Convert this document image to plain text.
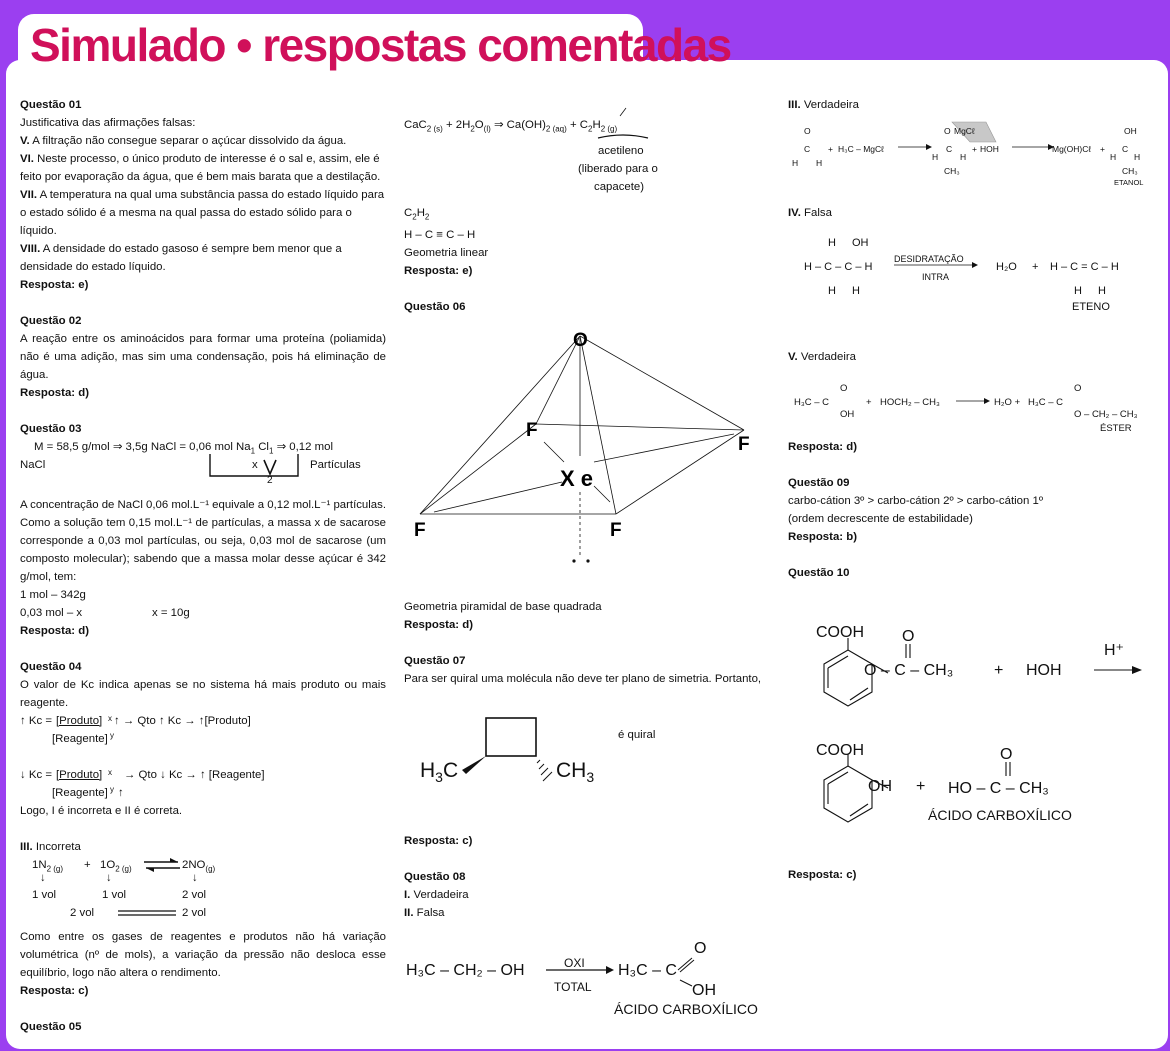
Simulado • respostas comentadas
Questão 01
Justificativa das afirmações falsas:
V. A filtração não consegue separar o açúcar dissolvido da água.
VI. Neste processo, o único produto de interesse é o sal e, assim, ele é feito por evaporação da água, que é bem mais barata que a destilação.
VII. A temperatura na qual uma substância passa do estado líquido para o estado sólido é a mesma na qual passa do estado sólido para o líquido.
VIII. A densidade do estado gasoso é sempre bem menor que a densidade do estado líquido.
Resposta: e)
Questão 02
A reação entre os aminoácidos para formar uma proteína (poliamida) não é uma adição, mas sim uma condensação, pois há eliminação de água.
Resposta: d)
Questão 03
M = 58,5 g/mol ⇒ 3,5g NaCl = 0,06 mol $Na_1$ $Cl_1$ ⇒ 0,12 mol
NaCl	x	Partículas
2
A concentração de NaCl 0,06 mol.L⁻¹ equivale a 0,12 mol.L⁻¹ partículas. Como a solução tem 0,15 mol.L⁻¹ de partículas, a massa x de sacarose corresponde a 0,03 mol partículas, ou seja, 0,03 mol de sacarose (um composto molecular); sabendo que a massa molar desse açúcar é 342 g/mol, tem:
1 mol – 342g
0,03 mol – x	x = 10g
Resposta: d)
Questão 04
O valor de Kc indica apenas se no sistema há mais produto ou mais reagente.
↑ Kc = [Produto] x ↑ → Qto ↑ Kc → ↑[Produto]
[Reagente] y
↓ Kc = [Produto] x → Qto ↓ Kc → ↑ [Reagente]
[Reagente] y ↑
Logo, I é incorreta e II é correta.
III. Incorreta
$1N_{2 (g)} + 1O_{2 (g)}$ ⇌ $2NO_{(g)}$
↓	↓	↓
1 vol	1 vol	2 vol
2 vol	2 vol
Como entre os gases de reagentes e produtos não há variação volumétrica (nº de mols), a variação da pressão não desloca esse equilíbrio, logo não altera o rendimento.
Resposta: c)
Questão 05
$CaC_{2 (s)} + 2H_2O_{(l)}$ ⇒ $Ca(OH)_{2 (aq)} + C_2H_{2 (g)}$
acetileno
(liberado para o
capacete)
$C_2H_2$
H – C ≡ C – H
Geometria linear
Resposta: e)
Questão 06
O
F
F
F	F
X e
Geometria piramidal de base quadrada
Resposta: d)
Questão 07
Para ser quiral uma molécula não deve ter plano de simetria. Portanto,
$H_3C$	$CH_3$
é quiral
Resposta: c)
Questão 08
I. Verdadeira
II. Falsa
H₃C – CH₂ – OH	OXI
TOTAL
H₃C – C
O
OH
ÁCIDO CARBOXÍLICO
III. Verdadeira
O
C
H H
+ H₃C – MgCℓ
O MgCℓ
C
H	H
CH₃
+ HOH	Mg(OH)Cℓ +
OH
C
H H
CH₃
ETANOL
IV. Falsa
H OH
H – C – C – H
H H
DESIDRATAÇÃO
INTRA
H₂O + H – C = C – H
H H
ETENO
V. Verdadeira
H₃C – C
O
OH
+ HOCH₂ – CH₃	H₂O + H₃C – C
O
O – CH₂ – CH₃
ÉSTER
Resposta: d)
Questão 09
carbo-cátion 3º > carbo-cátion 2º > carbo-cátion 1º
(ordem decrescente de estabilidade)
Resposta: b)
Questão 10
COOH O
O – C – CH₃	+ HOH
H⁺
COOH
OH +
O
HO – C – CH₃
ÁCIDO CARBOXÍLICO
Resposta: c)
